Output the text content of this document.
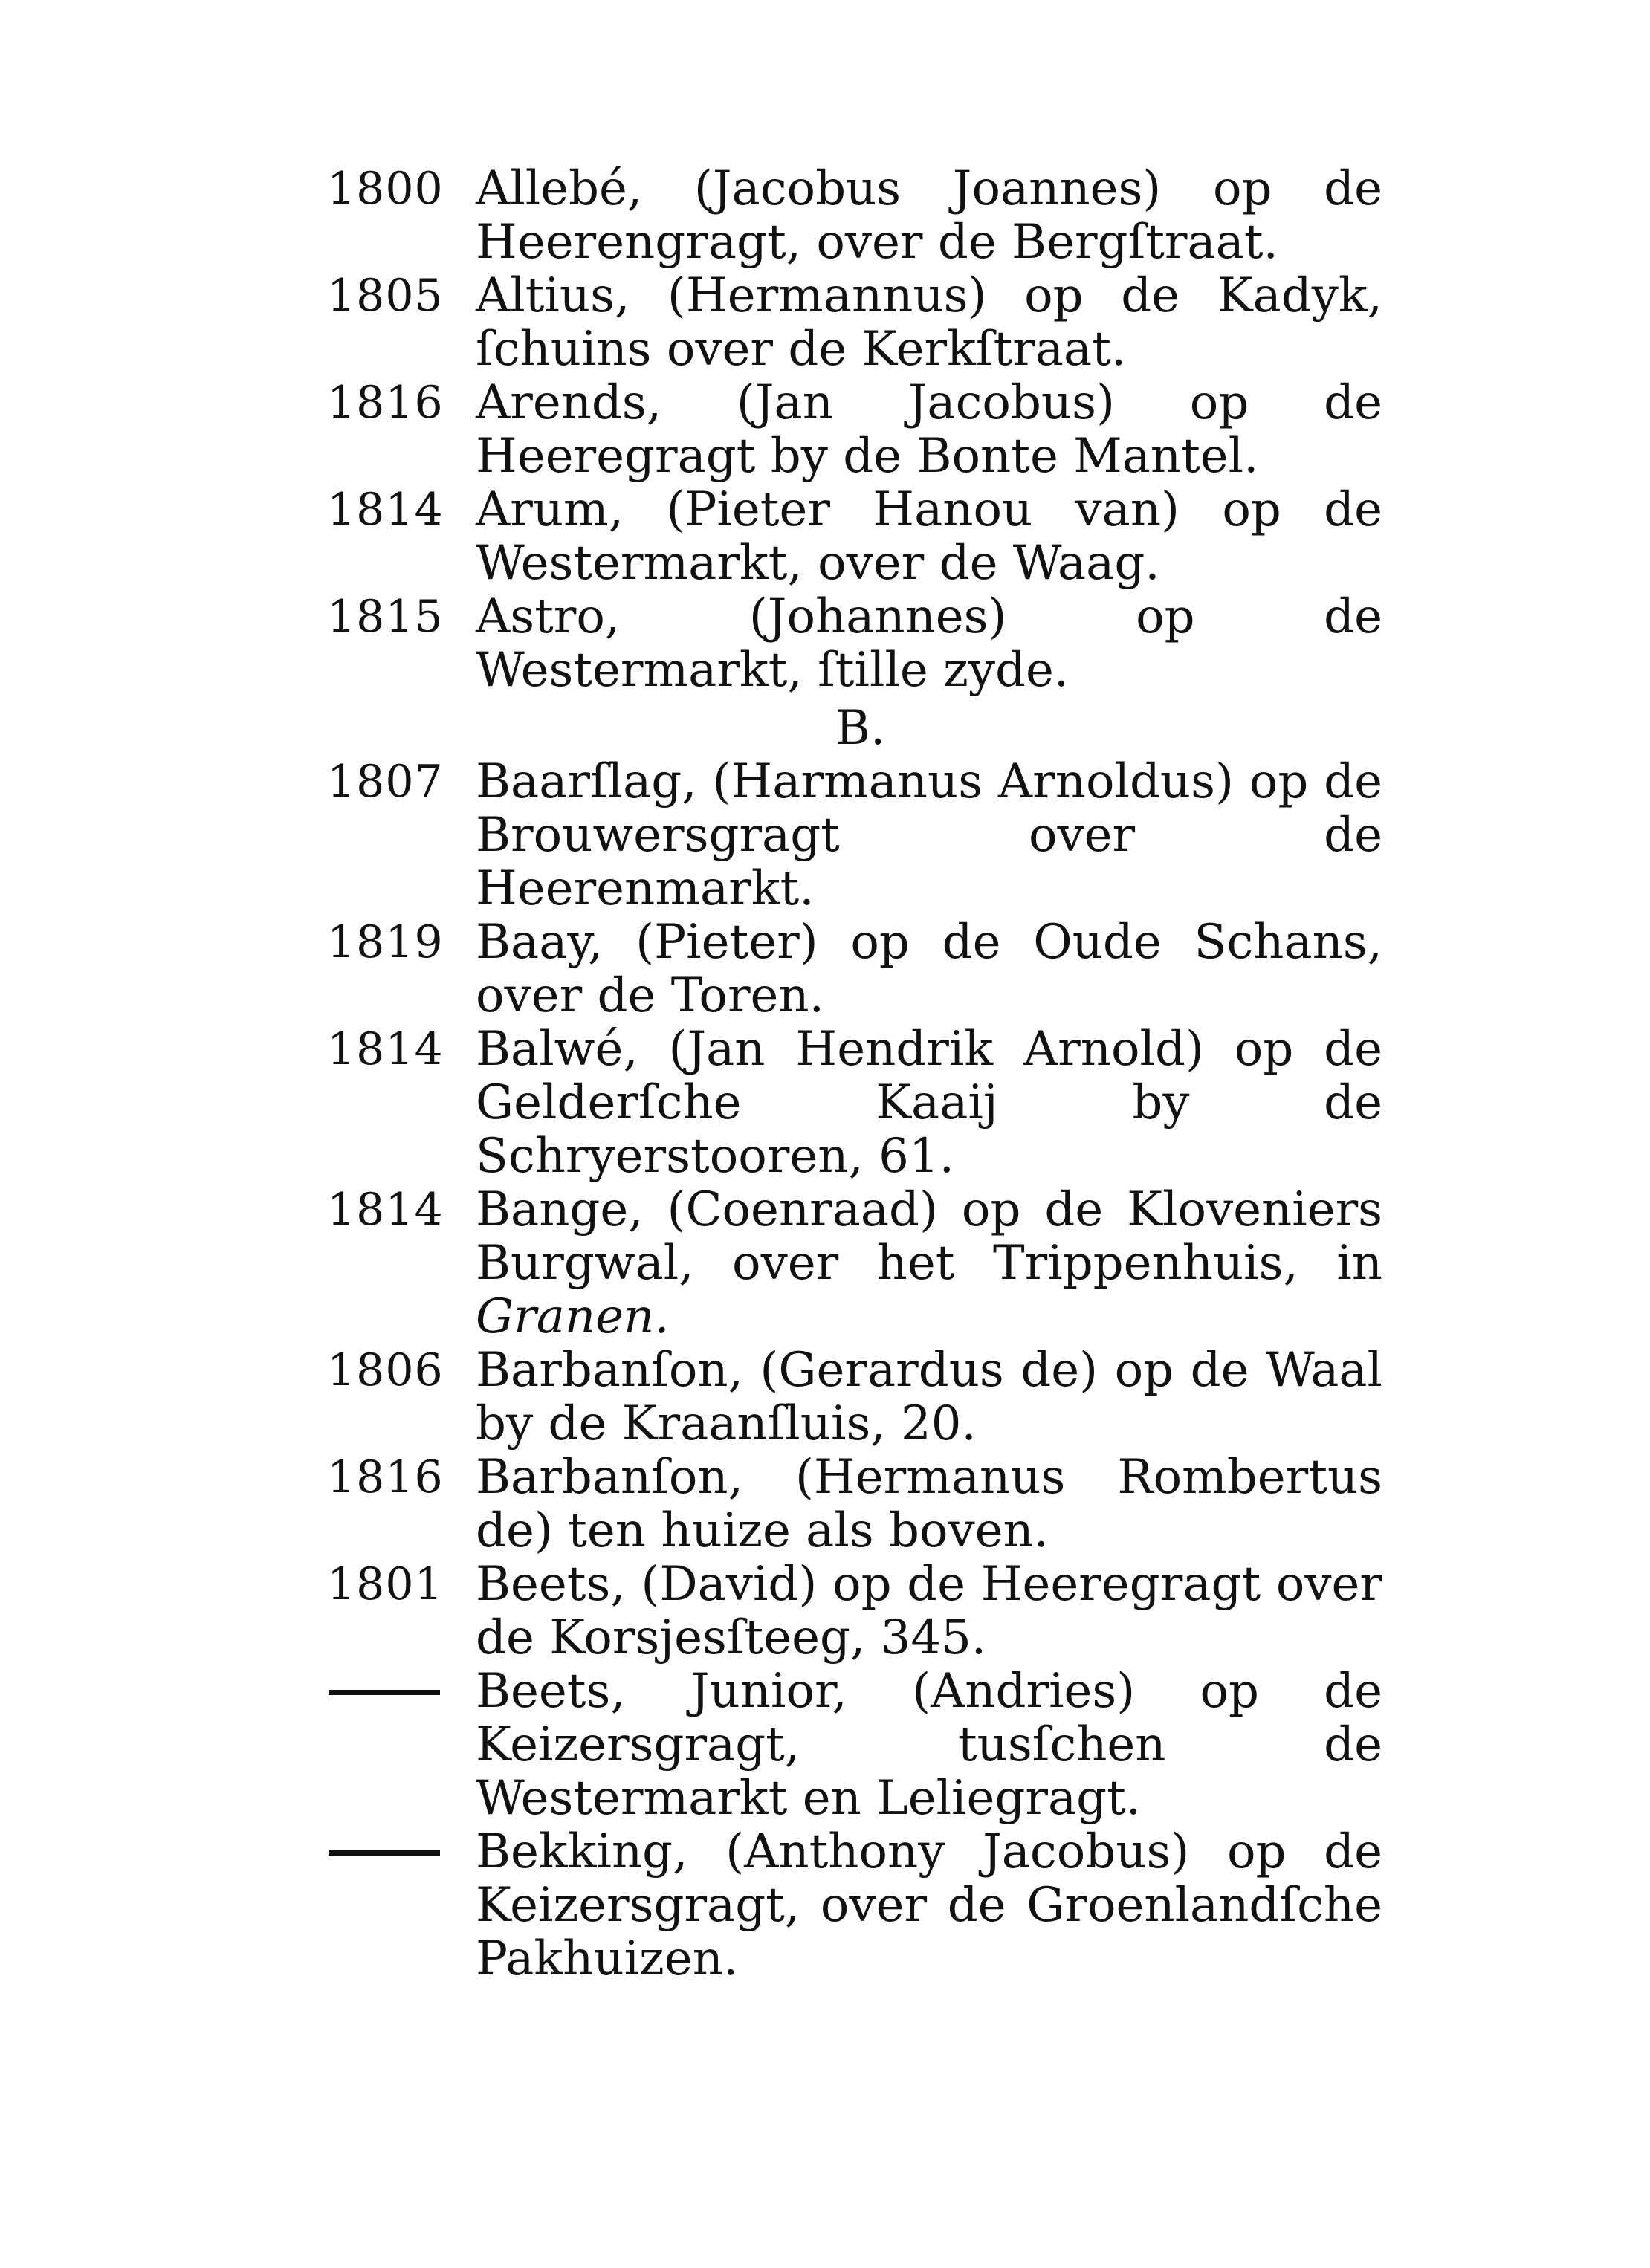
1800 Allebé, (Jacobus Joannes) op de Heerengragt, over de Bergſtraat.
1805 Altius, (Hermannus) op de Kadyk, ſchuins over de Kerkſtraat.
1816 Arends, (Jan Jacobus) op de Heeregragt by de Bonte Mantel.
1814 Arum, (Pieter Hanou van) op de Westermarkt, over de Waag.
1815 Astro, (Johannes) op de Westermarkt, ſtille zyde.
B.
1807 Baarſlag, (Harmanus Arnoldus) op de Brouwersgragt over de Heerenmarkt.
1819 Baay, (Pieter) op de Oude Schans, over de Toren.
1814 Balwé, (Jan Hendrik Arnold) op de Gelderſche Kaaij by de Schryerstooren, 61.
1814 Bange, (Coenraad) op de Kloveniers Burgwal, over het Trippenhuis, in Granen.
1806 Barbanſon, (Gerardus de) op de Waal by de Kraanſluis, 20.
1816 Barbanſon, (Hermanus Rombertus de) ten huize als boven.
1801 Beets, (David) op de Heeregragt over de Korsjesſteeg, 345.
Beets, Junior, (Andries) op de Keizersgragt, tusſchen de Westermarkt en Leliegragt.
Bekking, (Anthony Jacobus) op de Keizersgragt, over de Groenlandſche Pakhuizen.
